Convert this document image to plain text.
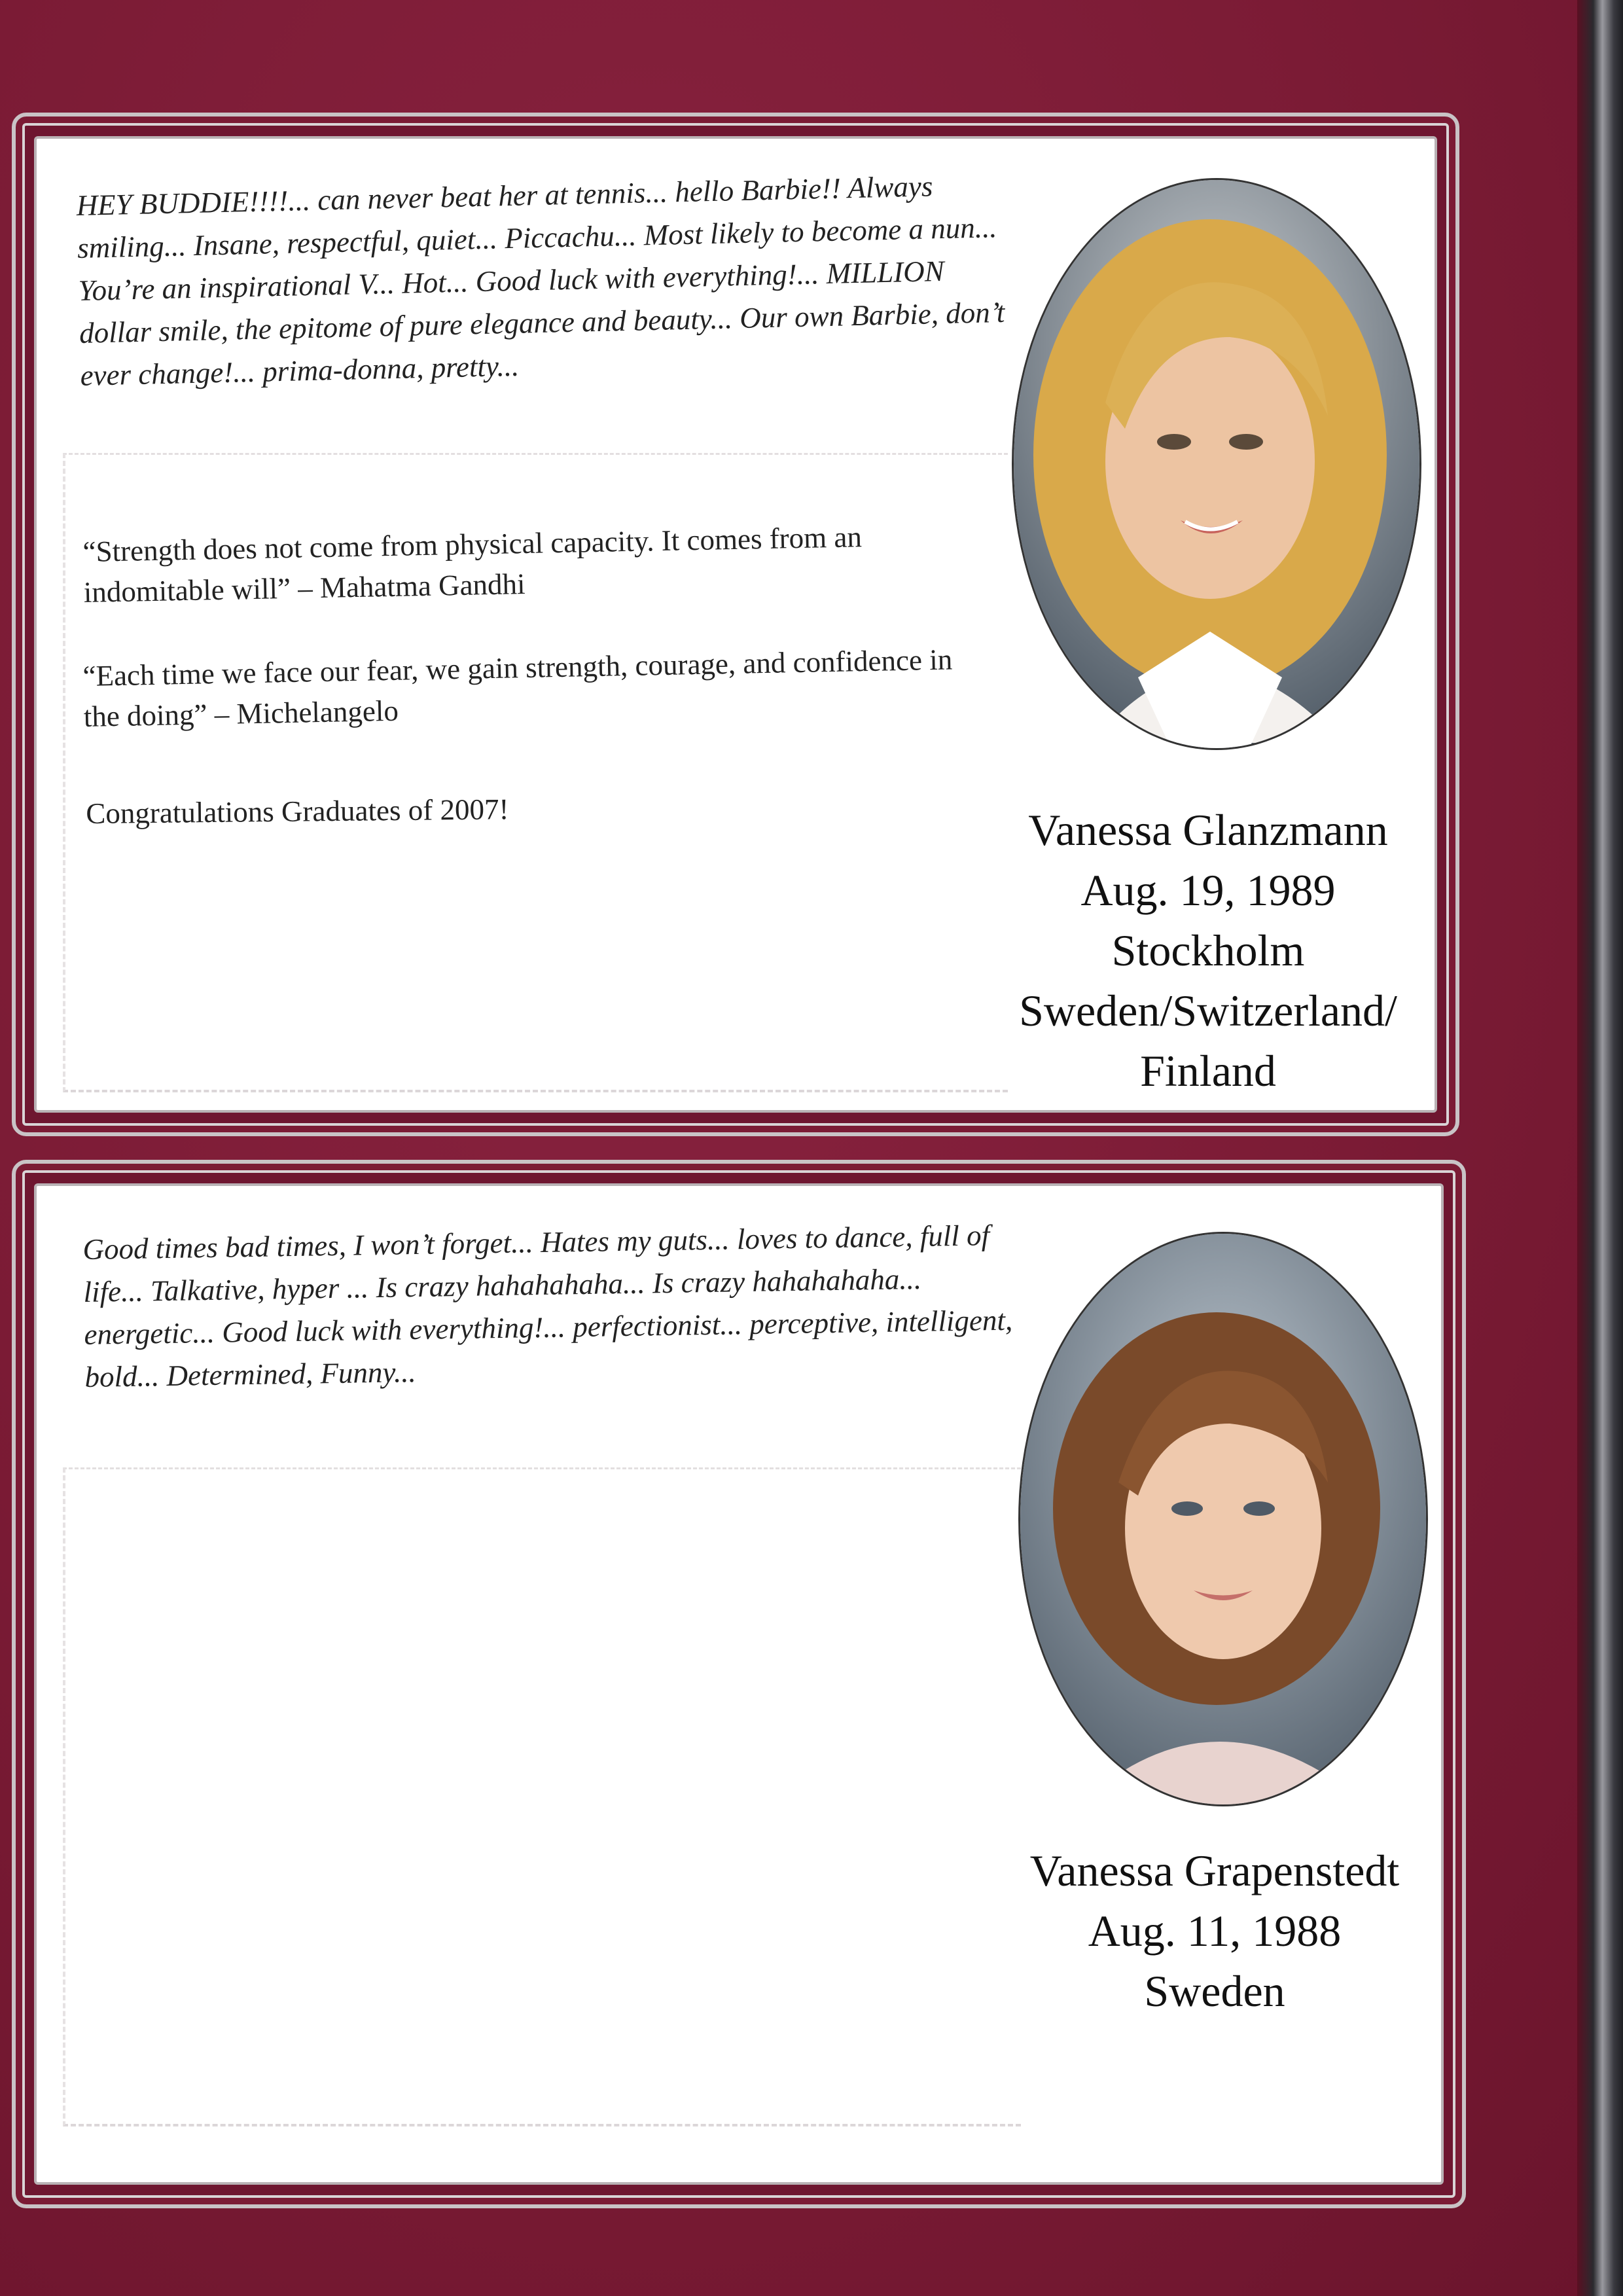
HEY BUDDIE!!!!... can never beat her at tennis... hello Barbie!! Always smiling... Insane, respectful, quiet... Piccachu... Most likely to become a nun... You’re an inspirational V... Hot... Good luck with everything!... MILLION dollar smile, the epitome of pure elegance and beauty... Our own Barbie, don’t ever change!... prima-donna, pretty...

“Strength does not come from physical capacity. It comes from an indomitable will” – Mahatma Gandhi

“Each time we face our fear, we gain strength, courage, and confidence in the doing” – Michelangelo

Congratulations Graduates of 2007!	Vanessa Glanzmann
Aug. 19, 1989
Stockholm
Sweden/Switzerland/
Finland

Good times bad times, I won’t forget... Hates my guts... loves to dance, full of life... Talkative, hyper ... Is crazy hahahahaha... Is crazy hahahahaha... energetic... Good luck with everything!... perfectionist... perceptive, intelligent, bold... Determined, Funny...

Vanessa Grapenstedt
Aug. 11, 1988
Sweden
